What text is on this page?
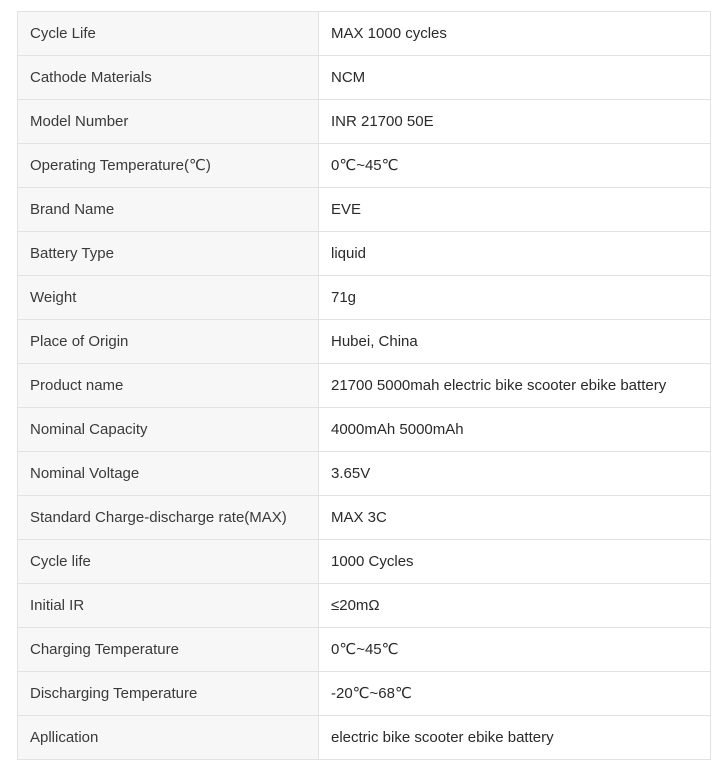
Cycle Life	MAX 1000 cycles
Cathode Materials	NCM
Model Number	INR 21700 50E
Operating Temperature(℃)	0℃~45℃
Brand Name	EVE
Battery Type	liquid
Weight	71g
Place of Origin	Hubei, China
Product name	21700 5000mah electric bike scooter ebike battery
Nominal Capacity	4000mAh 5000mAh
Nominal Voltage	3.65V
Standard Charge-discharge rate(MAX)	MAX 3C
Cycle life	1000 Cycles
Initial IR	≤20mΩ
Charging Temperature	0℃~45℃
Discharging Temperature	-20℃~68℃
Apllication	electric bike scooter ebike battery
